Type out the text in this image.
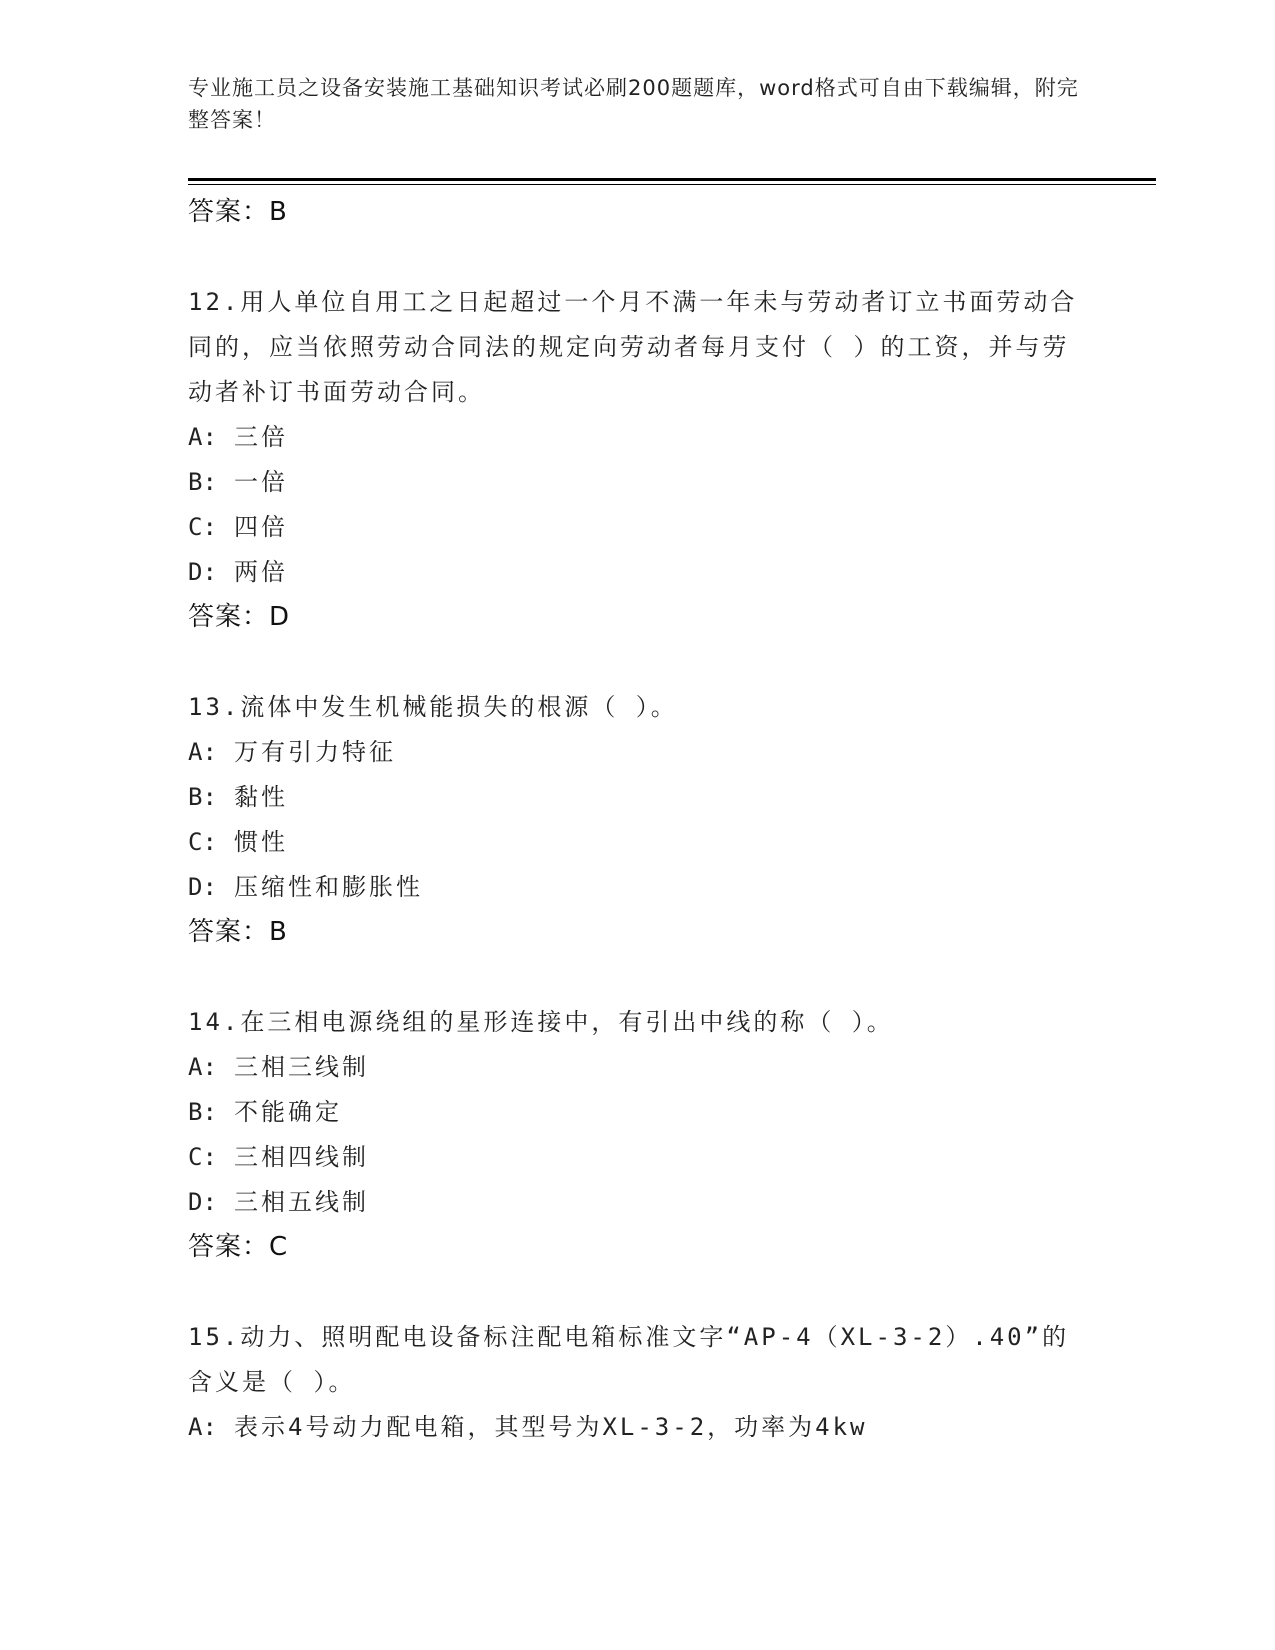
专业施工员之设备安装施工基础知识考试必刷200题题库，word格式可自由下载编辑，附完整答案！
答案：B
12.用人单位自用工之日起超过一个月不满一年未与劳动者订立书面劳动合同的，应当依照劳动合同法的规定向劳动者每月支付（ ）的工资，并与劳动者补订书面劳动合同。
A: 三倍
B: 一倍
C: 四倍
D: 两倍
答案：D
13.流体中发生机械能损失的根源（ ）。
A: 万有引力特征
B: 黏性
C: 惯性
D: 压缩性和膨胀性
答案：B
14.在三相电源绕组的星形连接中，有引出中线的称（ ）。
A: 三相三线制
B: 不能确定
C: 三相四线制
D: 三相五线制
答案：C
15.动力、照明配电设备标注配电箱标准文字“AP-4（XL-3-2）.40”的含义是（ ）。
A: 表示4号动力配电箱，其型号为XL-3-2，功率为4kw
